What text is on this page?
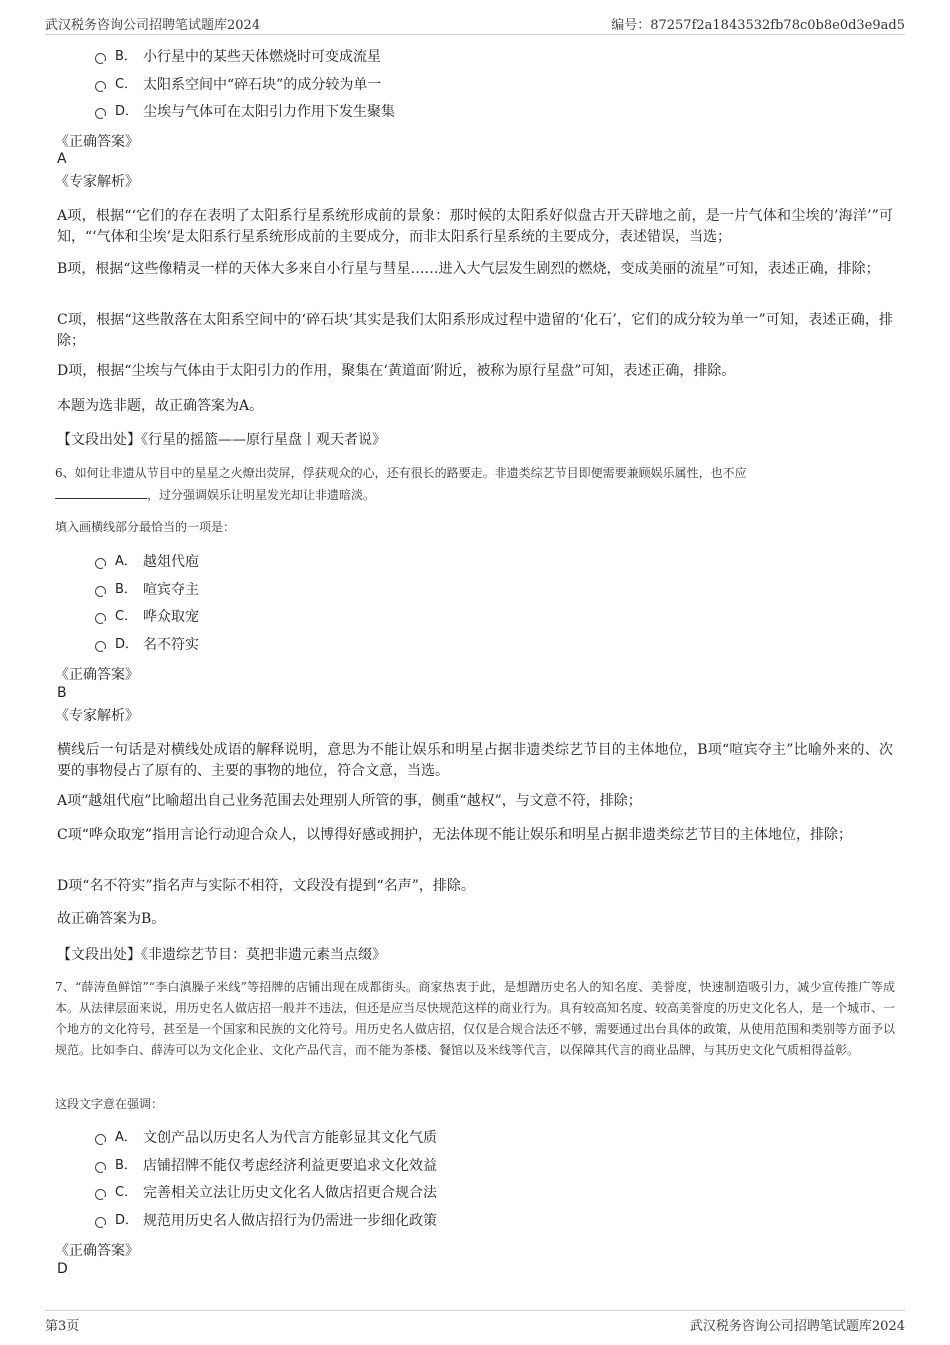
武汉税务咨询公司招聘笔试题库2024	编号：87257f2a1843532fb78c0b8e0d3e9ad5
B． 小行星中的某些天体燃烧时可变成流星
C． 太阳系空间中“碎石块”的成分较为单一
D． 尘埃与气体可在太阳引力作用下发生聚集
《正确答案》
A
《专家解析》
A项，根据“‘它们的存在表明了太阳系行星系统形成前的景象：那时候的太阳系好似盘古开天辟地之前，是一片气体和尘埃的’海洋’”可知，“‘气体和尘埃’是太阳系行星系统形成前的主要成分，而非太阳系行星系统的主要成分，表述错误，当选；
B项，根据“这些像精灵一样的天体大多来自小行星与彗星……进入大气层发生剧烈的燃烧，变成美丽的流星”可知，表述正确，排除；
C项，根据“这些散落在太阳系空间中的‘碎石块’其实是我们太阳系形成过程中遗留的‘化石’，它们的成分较为单一”可知，表述正确，排除；
D项，根据“尘埃与气体由于太阳引力的作用，聚集在‘黄道面’附近，被称为原行星盘”可知，表述正确，排除。
本题为选非题，故正确答案为A。
【文段出处】《行星的摇篮——原行星盘丨观天者说》
6、如何让非遗从节目中的星星之火燎出荧屏，俘获观众的心，还有很长的路要走。非遗类综艺节目即便需要兼顾娱乐属性，也不应
，过分强调娱乐让明星发光却让非遗暗淡。
填入画横线部分最恰当的一项是：
A． 越俎代庖
B． 喧宾夺主
C． 哗众取宠
D． 名不符实
《正确答案》
B
《专家解析》
横线后一句话是对横线处成语的解释说明，意思为不能让娱乐和明星占据非遗类综艺节目的主体地位，B项“喧宾夺主”比喻外来的、次要的事物侵占了原有的、主要的事物的地位，符合文意，当选。
A项“越俎代庖”比喻超出自己业务范围去处理别人所管的事，侧重“越权”，与文意不符，排除；
C项“哗众取宠”指用言论行动迎合众人，以博得好感或拥护，无法体现不能让娱乐和明星占据非遗类综艺节目的主体地位，排除；
D项“名不符实”指名声与实际不相符，文段没有提到“名声”，排除。
故正确答案为B。
【文段出处】《非遗综艺节目：莫把非遗元素当点缀》
7、“薛涛鱼鲜馆”“李白滇臊子米线”等招牌的店铺出现在成都街头。商家热衷于此，是想蹭历史名人的知名度、美誉度，快速制造吸引力，减少宣传推广等成本。从法律层面来说，用历史名人做店招一般并不违法，但还是应当尽快规范这样的商业行为。具有较高知名度、较高美誉度的历史文化名人，是一个城市、一个地方的文化符号，甚至是一个国家和民族的文化符号。用历史名人做店招，仅仅是合规合法还不够，需要通过出台具体的政策，从使用范围和类别等方面予以规范。比如李白、薛涛可以为文化企业、文化产品代言，而不能为茶楼、餐馆以及米线等代言，以保障其代言的商业品牌，与其历史文化气质相得益彰。
这段文字意在强调：
A． 文创产品以历史名人为代言方能彰显其文化气质
B． 店铺招牌不能仅考虑经济利益更要追求文化效益
C． 完善相关立法让历史文化名人做店招更合规合法
D． 规范用历史名人做店招行为仍需进一步细化政策
《正确答案》
D
第3页	武汉税务咨询公司招聘笔试题库2024
